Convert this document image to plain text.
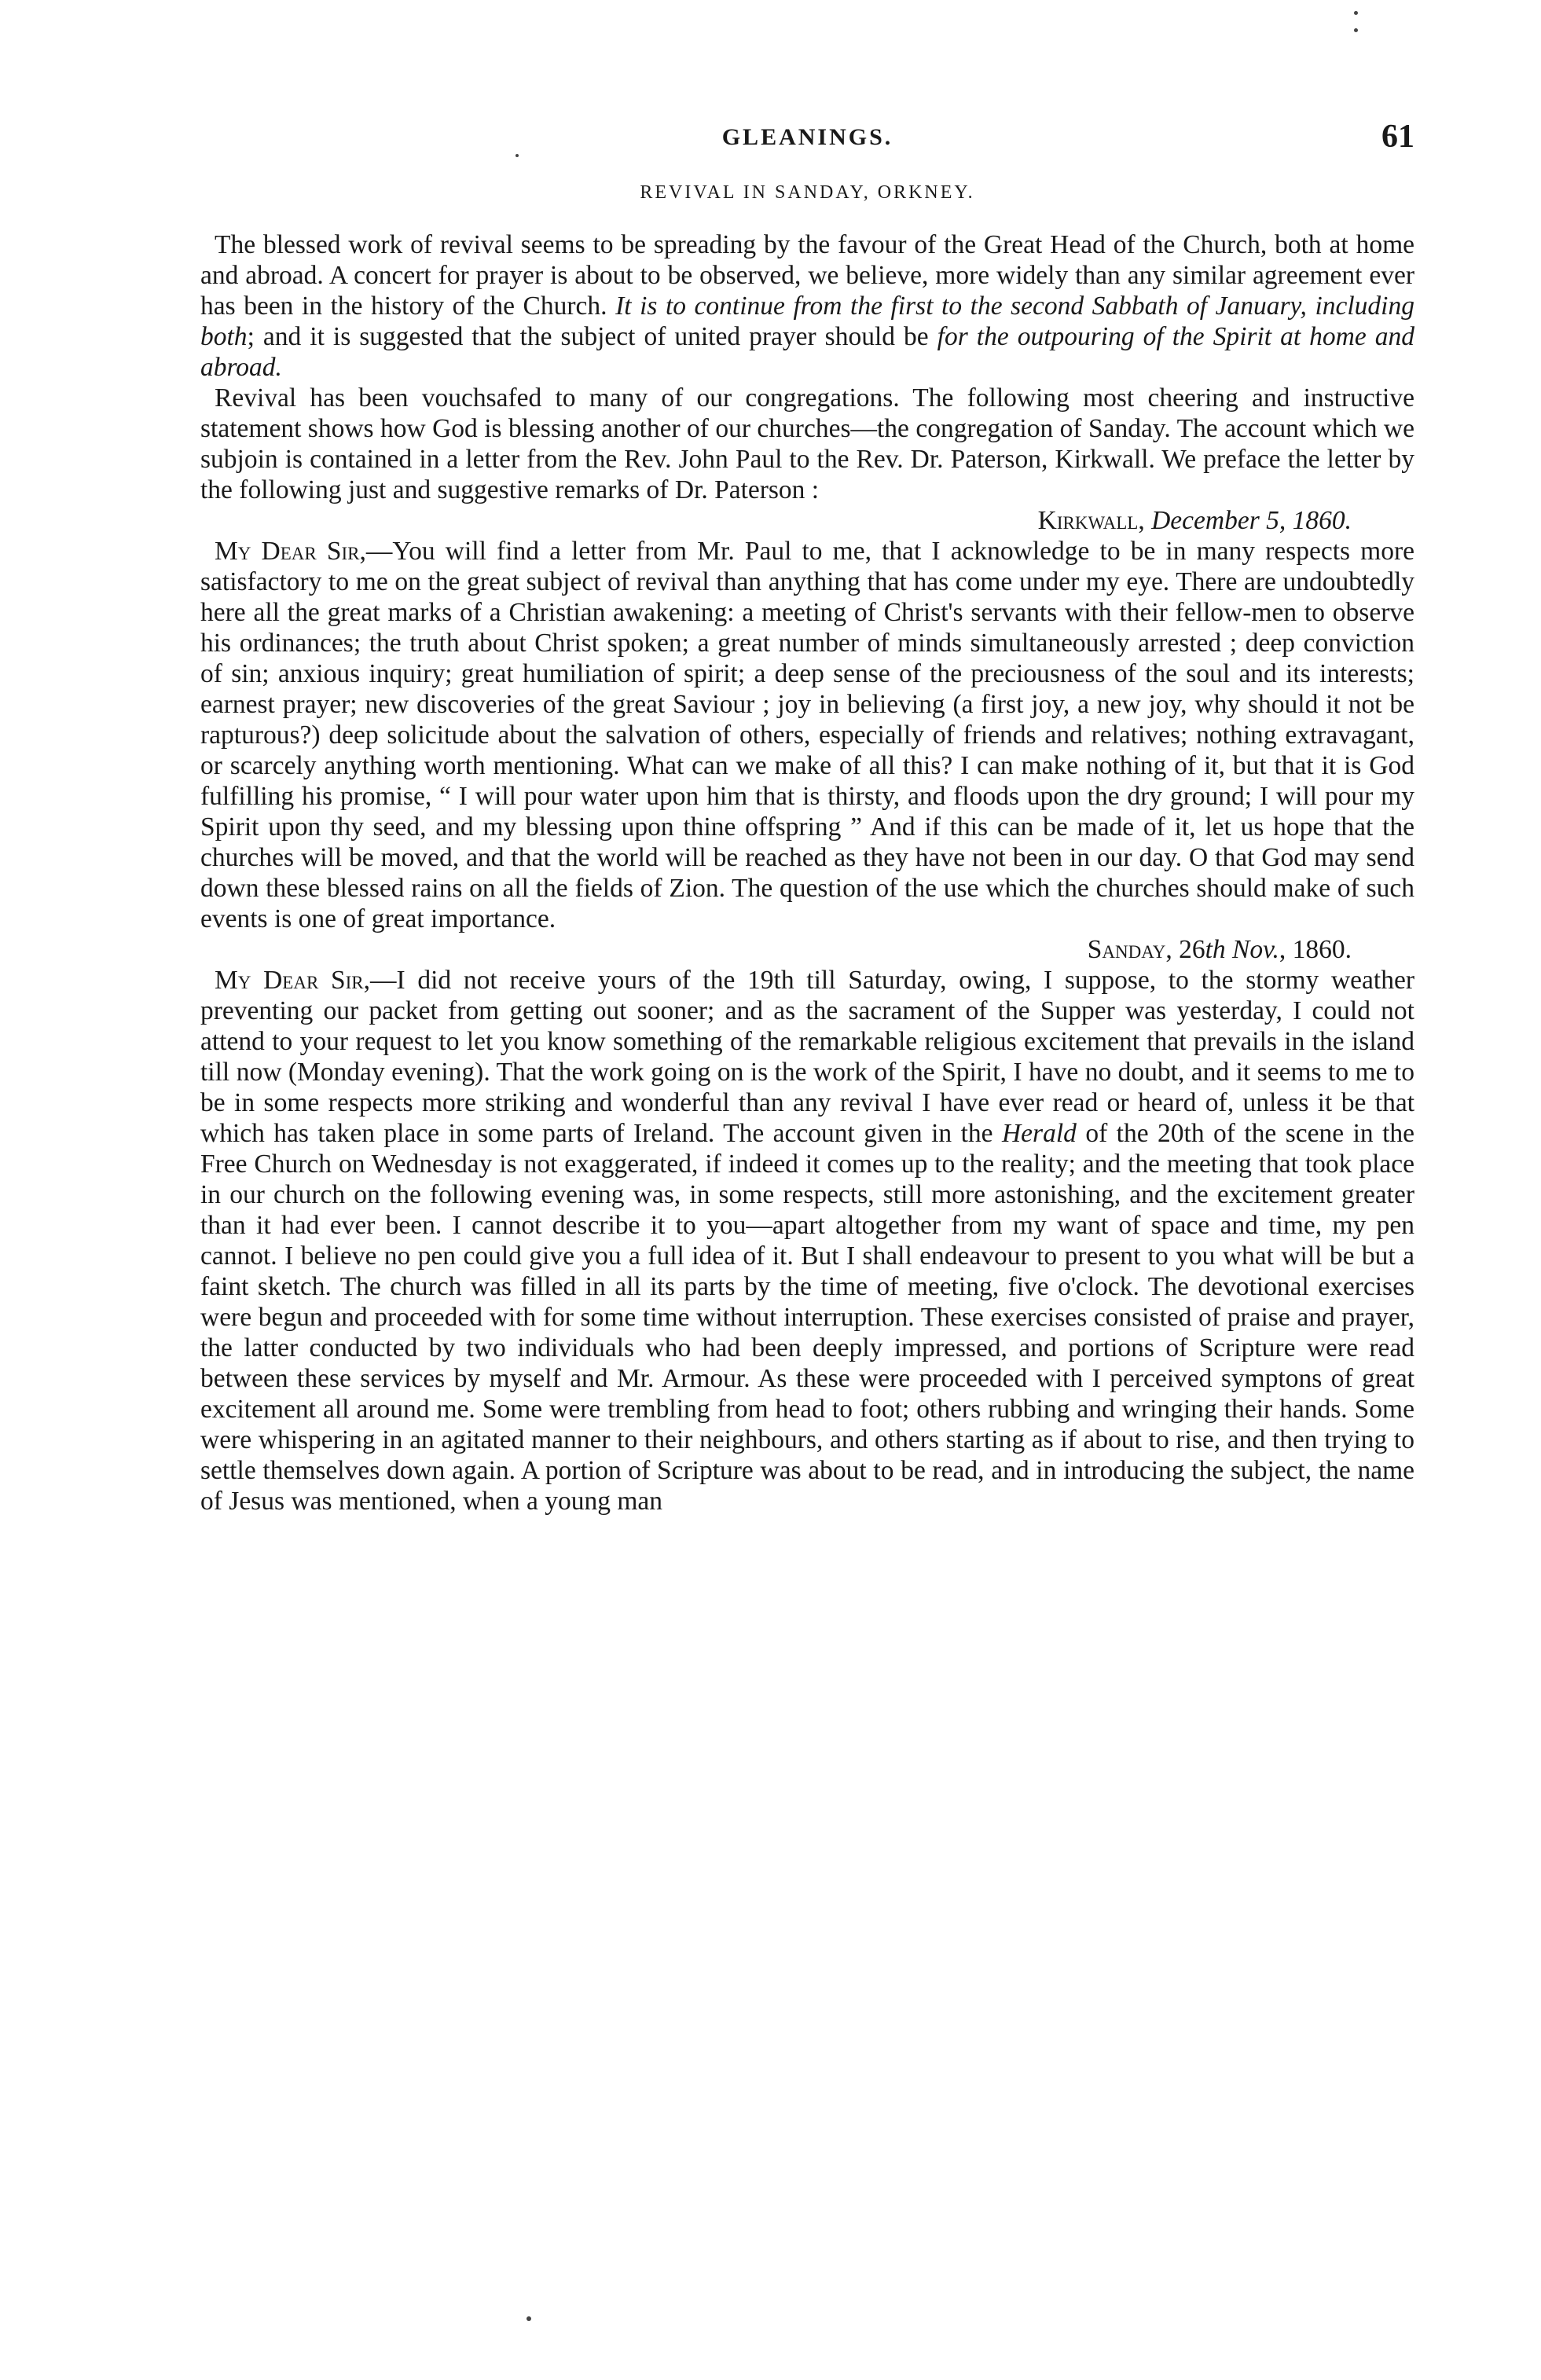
GLEANINGS.	61
REVIVAL IN SANDAY, ORKNEY.

The blessed work of revival seems to be spreading by the favour of the Great Head of the Church, both at home and abroad. A concert for prayer is about to be observed, we believe, more widely than any similar agreement ever has been in the history of the Church. It is to continue from the first to the second Sabbath of January, including both; and it is suggested that the subject of united prayer should be for the outpouring of the Spirit at home and abroad.

Revival has been vouchsafed to many of our congregations. The following most cheering and instructive statement shows how God is blessing another of our churches—the congregation of Sanday. The account which we subjoin is contained in a letter from the Rev. John Paul to the Rev. Dr. Paterson, Kirkwall. We preface the letter by the following just and suggestive remarks of Dr. Paterson :

Kirkwall, December 5, 1860.

My Dear Sir,—You will find a letter from Mr. Paul to me, that I acknowledge to be in many respects more satisfactory to me on the great subject of revival than anything that has come under my eye. There are undoubtedly here all the great marks of a Christian awakening: a meeting of Christ's servants with their fellow-men to observe his ordinances; the truth about Christ spoken; a great number of minds simultaneously arrested ; deep conviction of sin; anxious inquiry; great humiliation of spirit; a deep sense of the preciousness of the soul and its interests; earnest prayer; new discoveries of the great Saviour ; joy in believing (a first joy, a new joy, why should it not be rapturous?) deep solicitude about the salvation of others, especially of friends and relatives; nothing extravagant, or scarcely anything worth mentioning. What can we make of all this? I can make nothing of it, but that it is God fulfilling his promise, “ I will pour water upon him that is thirsty, and floods upon the dry ground; I will pour my Spirit upon thy seed, and my blessing upon thine offspring ” And if this can be made of it, let us hope that the churches will be moved, and that the world will be reached as they have not been in our day. O that God may send down these blessed rains on all the fields of Zion. The question of the use which the churches should make of such events is one of great importance.

Sanday, 26th Nov., 1860.

My Dear Sir,—I did not receive yours of the 19th till Saturday, owing, I suppose, to the stormy weather preventing our packet from getting out sooner; and as the sacrament of the Supper was yesterday, I could not attend to your request to let you know something of the remarkable religious excitement that prevails in the island till now (Monday evening). That the work going on is the work of the Spirit, I have no doubt, and it seems to me to be in some respects more striking and wonderful than any revival I have ever read or heard of, unless it be that which has taken place in some parts of Ireland. The account given in the Herald of the 20th of the scene in the Free Church on Wednesday is not exaggerated, if indeed it comes up to the reality; and the meeting that took place in our church on the following evening was, in some respects, still more astonishing, and the excitement greater than it had ever been. I cannot describe it to you—apart altogether from my want of space and time, my pen cannot. I believe no pen could give you a full idea of it. But I shall endeavour to present to you what will be but a faint sketch. The church was filled in all its parts by the time of meeting, five o'clock. The devotional exercises were begun and proceeded with for some time without interruption. These exercises consisted of praise and prayer, the latter conducted by two individuals who had been deeply impressed, and portions of Scripture were read between these services by myself and Mr. Armour. As these were proceeded with I perceived symptons of great excitement all around me. Some were trembling from head to foot; others rubbing and wringing their hands. Some were whispering in an agitated manner to their neighbours, and others starting as if about to rise, and then trying to settle themselves down again. A portion of Scripture was about to be read, and in introducing the subject, the name of Jesus was mentioned, when a young man
